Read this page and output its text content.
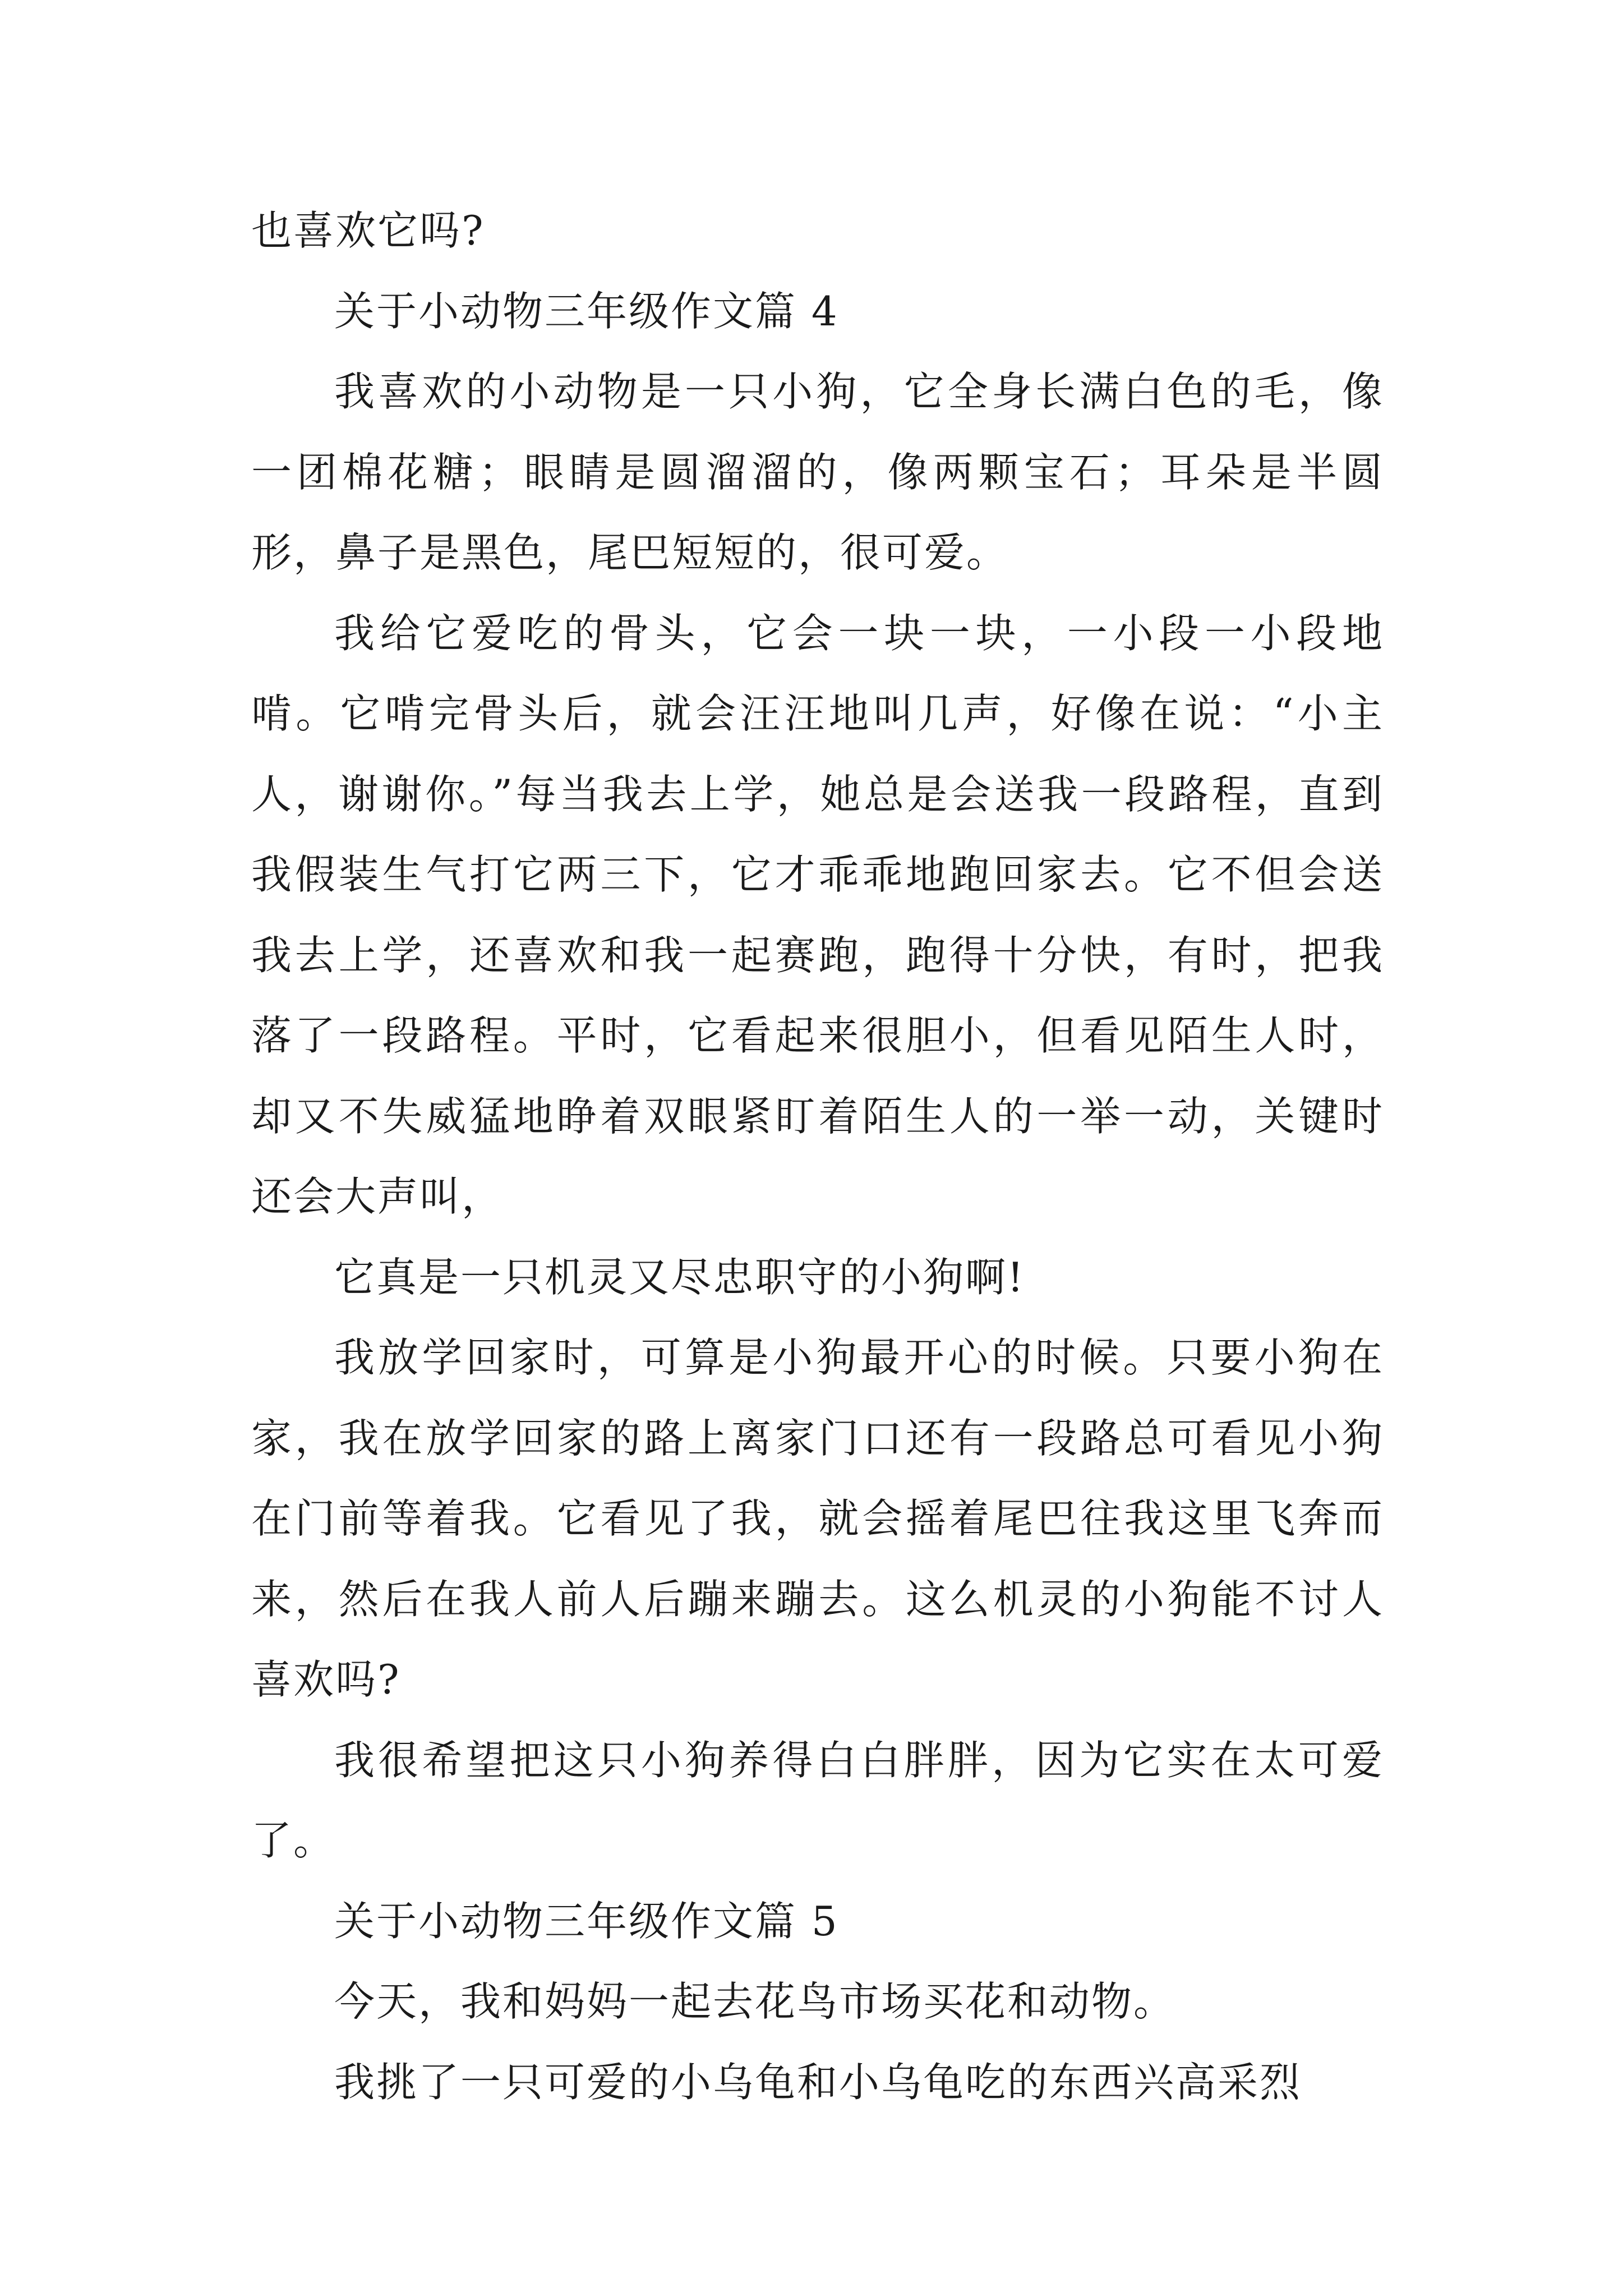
也喜欢它吗?

关于小动物三年级作文篇 4

我喜欢的小动物是一只小狗，它全身长满白色的毛，像一团棉花糖；眼睛是圆溜溜的，像两颗宝石；耳朵是半圆形，鼻子是黑色，尾巴短短的，很可爱。

我给它爱吃的骨头，它会一块一块，一小段一小段地啃。它啃完骨头后，就会汪汪地叫几声，好像在说：“小主人，谢谢你。”每当我去上学，她总是会送我一段路程，直到我假装生气打它两三下，它才乖乖地跑回家去。它不但会送我去上学，还喜欢和我一起赛跑，跑得十分快，有时，把我落了一段路程。平时，它看起来很胆小，但看见陌生人时，却又不失威猛地睁着双眼紧盯着陌生人的一举一动，关键时还会大声叫，

它真是一只机灵又尽忠职守的小狗啊!

我放学回家时，可算是小狗最开心的时候。只要小狗在家，我在放学回家的路上离家门口还有一段路总可看见小狗在门前等着我。它看见了我，就会摇着尾巴往我这里飞奔而来，然后在我人前人后蹦来蹦去。这么机灵的小狗能不讨人喜欢吗?

我很希望把这只小狗养得白白胖胖，因为它实在太可爱了。

关于小动物三年级作文篇 5

今天，我和妈妈一起去花鸟市场买花和动物。

我挑了一只可爱的小乌龟和小乌龟吃的东西兴高采烈
